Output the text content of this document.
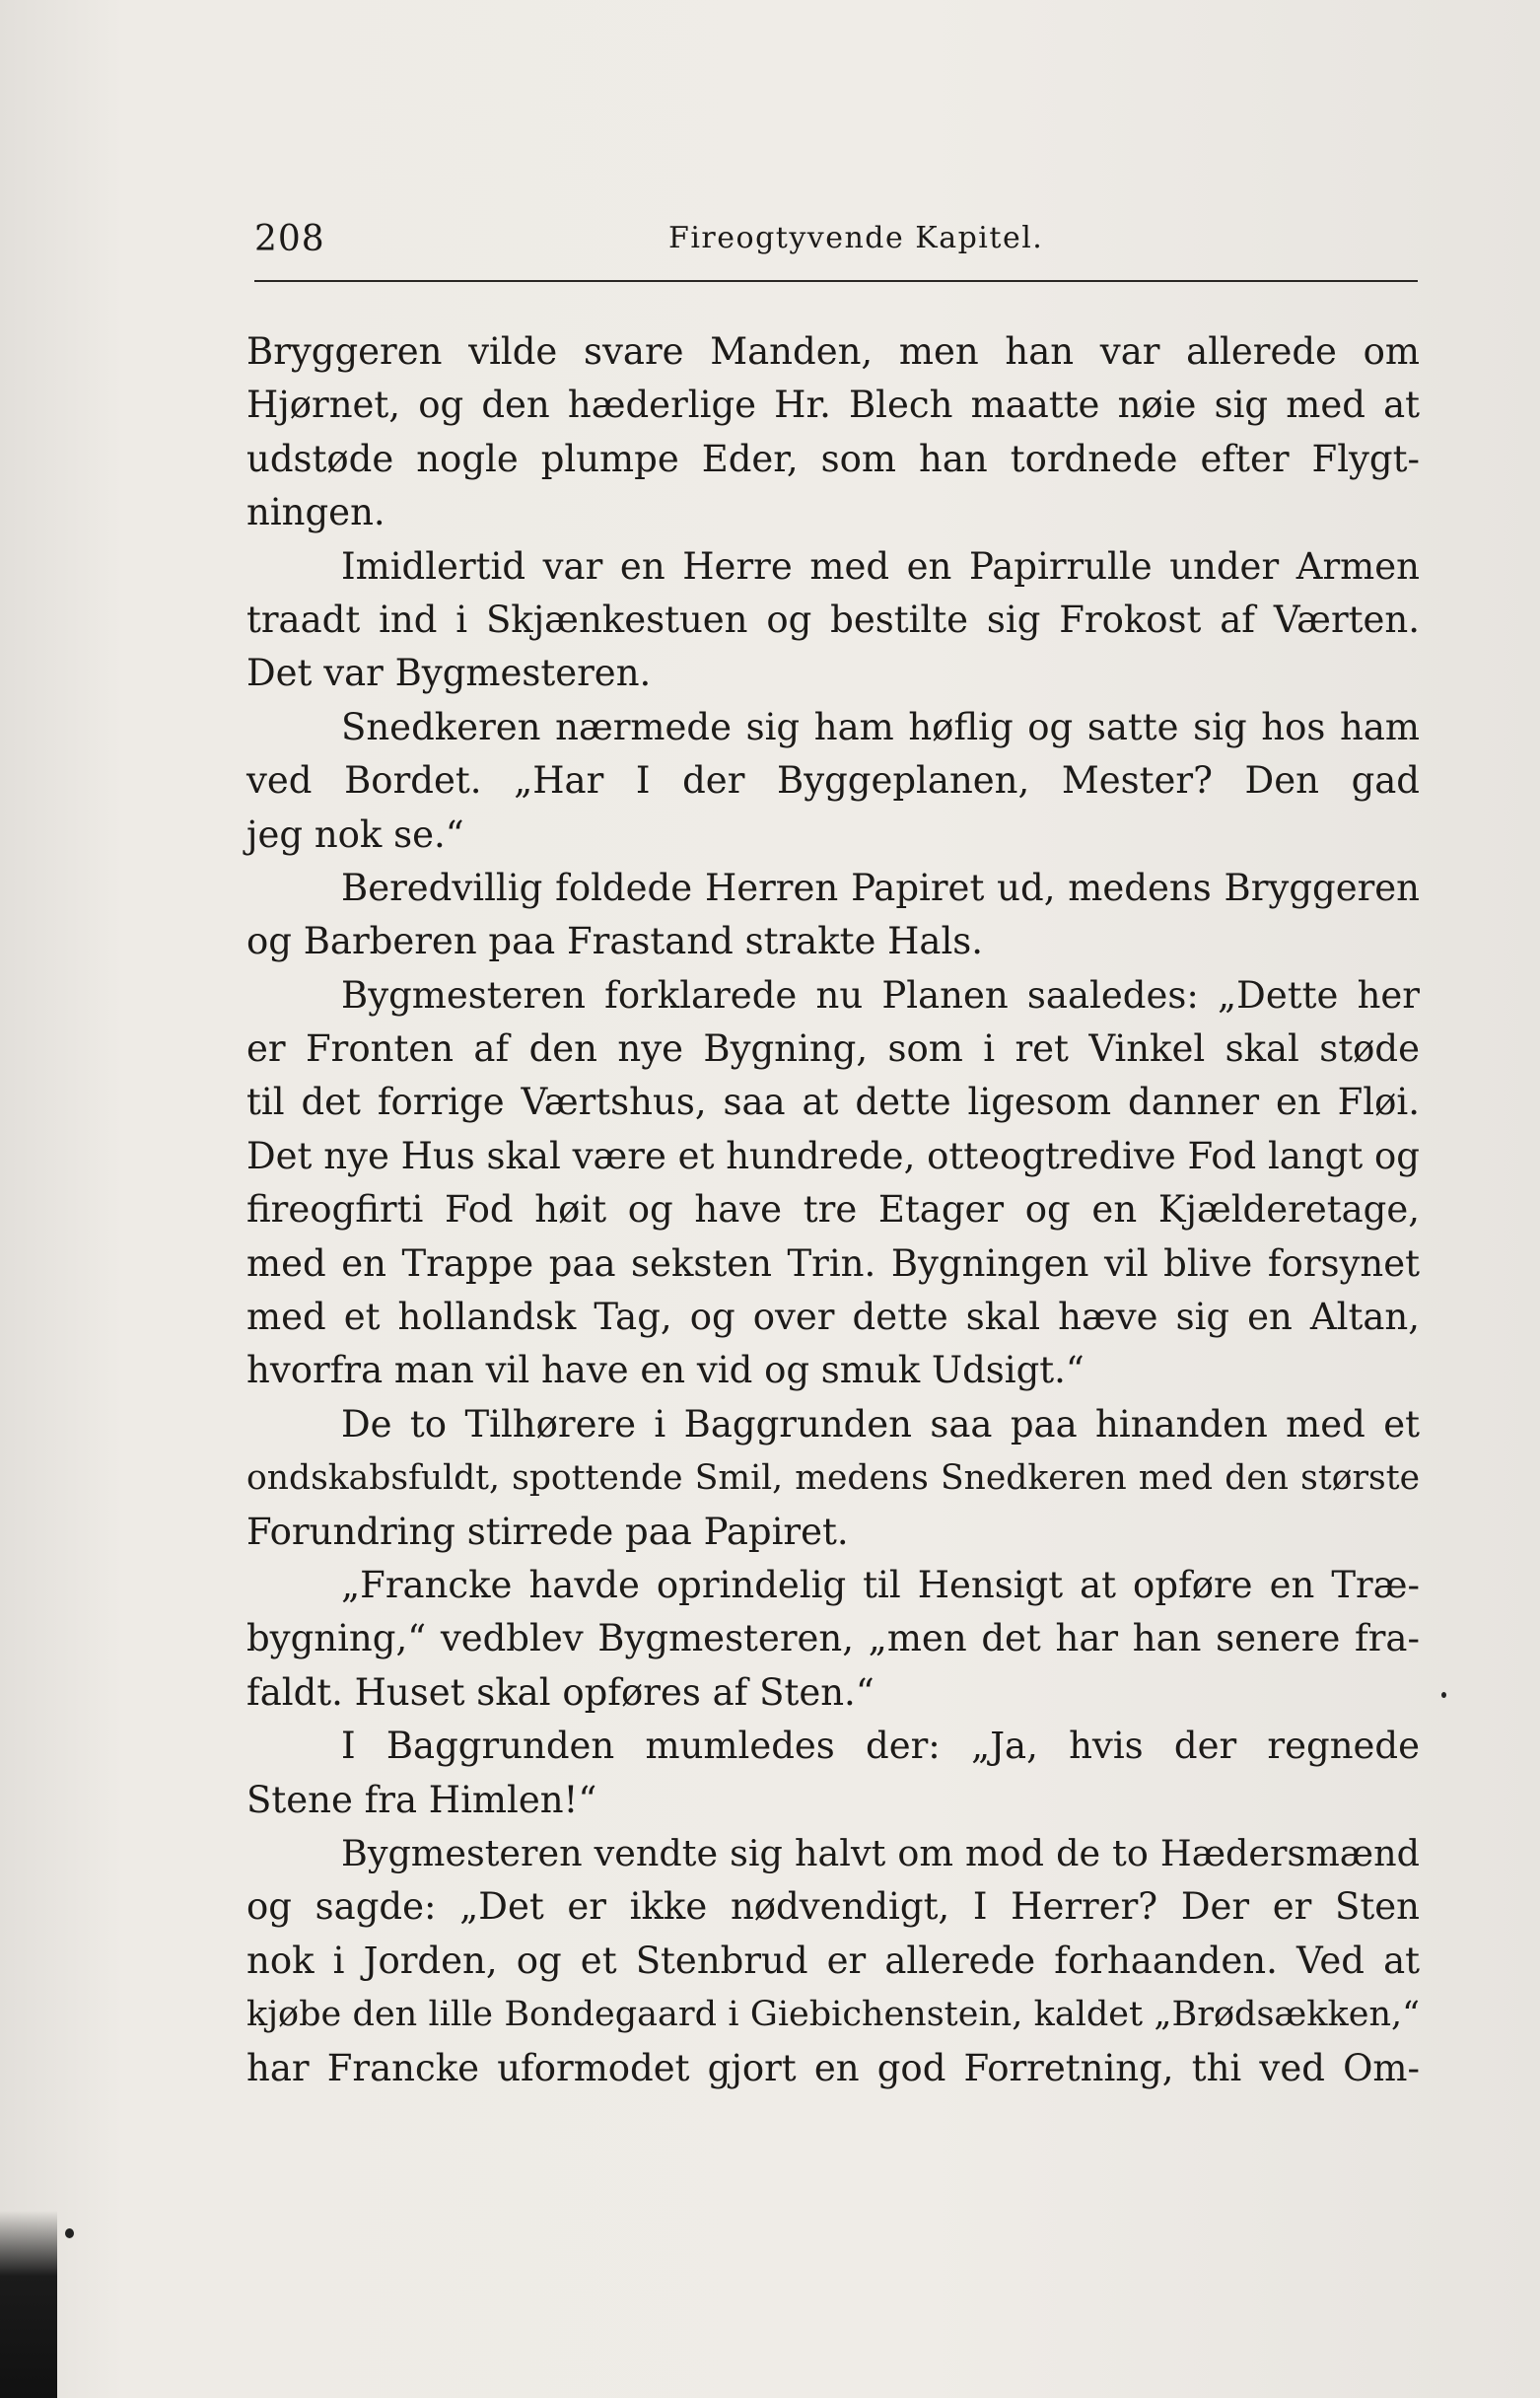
208	Fireogtyvende Kapitel.
Bryggeren vilde svare Manden, men han var allerede om
Hjørnet, og den hæderlige Hr. Blech maatte nøie sig med at
udstøde nogle plumpe Eder, som han tordnede efter Flygt-
ningen.
Imidlertid var en Herre med en Papirrulle under Armen
traadt ind i Skjænkestuen og bestilte sig Frokost af Værten.
Det var Bygmesteren.
Snedkeren nærmede sig ham høflig og satte sig hos ham
ved Bordet. „Har I der Byggeplanen, Mester? Den gad
jeg nok se.“
Beredvillig foldede Herren Papiret ud, medens Bryggeren
og Barberen paa Frastand strakte Hals.
Bygmesteren forklarede nu Planen saaledes: „Dette her
er Fronten af den nye Bygning, som i ret Vinkel skal støde
til det forrige Værtshus, saa at dette ligesom danner en Fløi.
Det nye Hus skal være et hundrede, otteogtredive Fod langt og
fireogfirti Fod høit og have tre Etager og en Kjælderetage,
med en Trappe paa seksten Trin. Bygningen vil blive forsynet
med et hollandsk Tag, og over dette skal hæve sig en Altan,
hvorfra man vil have en vid og smuk Udsigt.“
De to Tilhørere i Baggrunden saa paa hinanden med et
ondskabsfuldt, spottende Smil, medens Snedkeren med den største
Forundring stirrede paa Papiret.
„Francke havde oprindelig til Hensigt at opføre en Træ-
bygning,“ vedblev Bygmesteren, „men det har han senere fra-
faldt. Huset skal opføres af Sten.“
I Baggrunden mumledes der: „Ja, hvis der regnede
Stene fra Himlen!“
Bygmesteren vendte sig halvt om mod de to Hædersmænd
og sagde: „Det er ikke nødvendigt, I Herrer? Der er Sten
nok i Jorden, og et Stenbrud er allerede forhaanden. Ved at
kjøbe den lille Bondegaard i Giebichenstein, kaldet „Brødsækken,“
har Francke uformodet gjort en god Forretning, thi ved Om-
